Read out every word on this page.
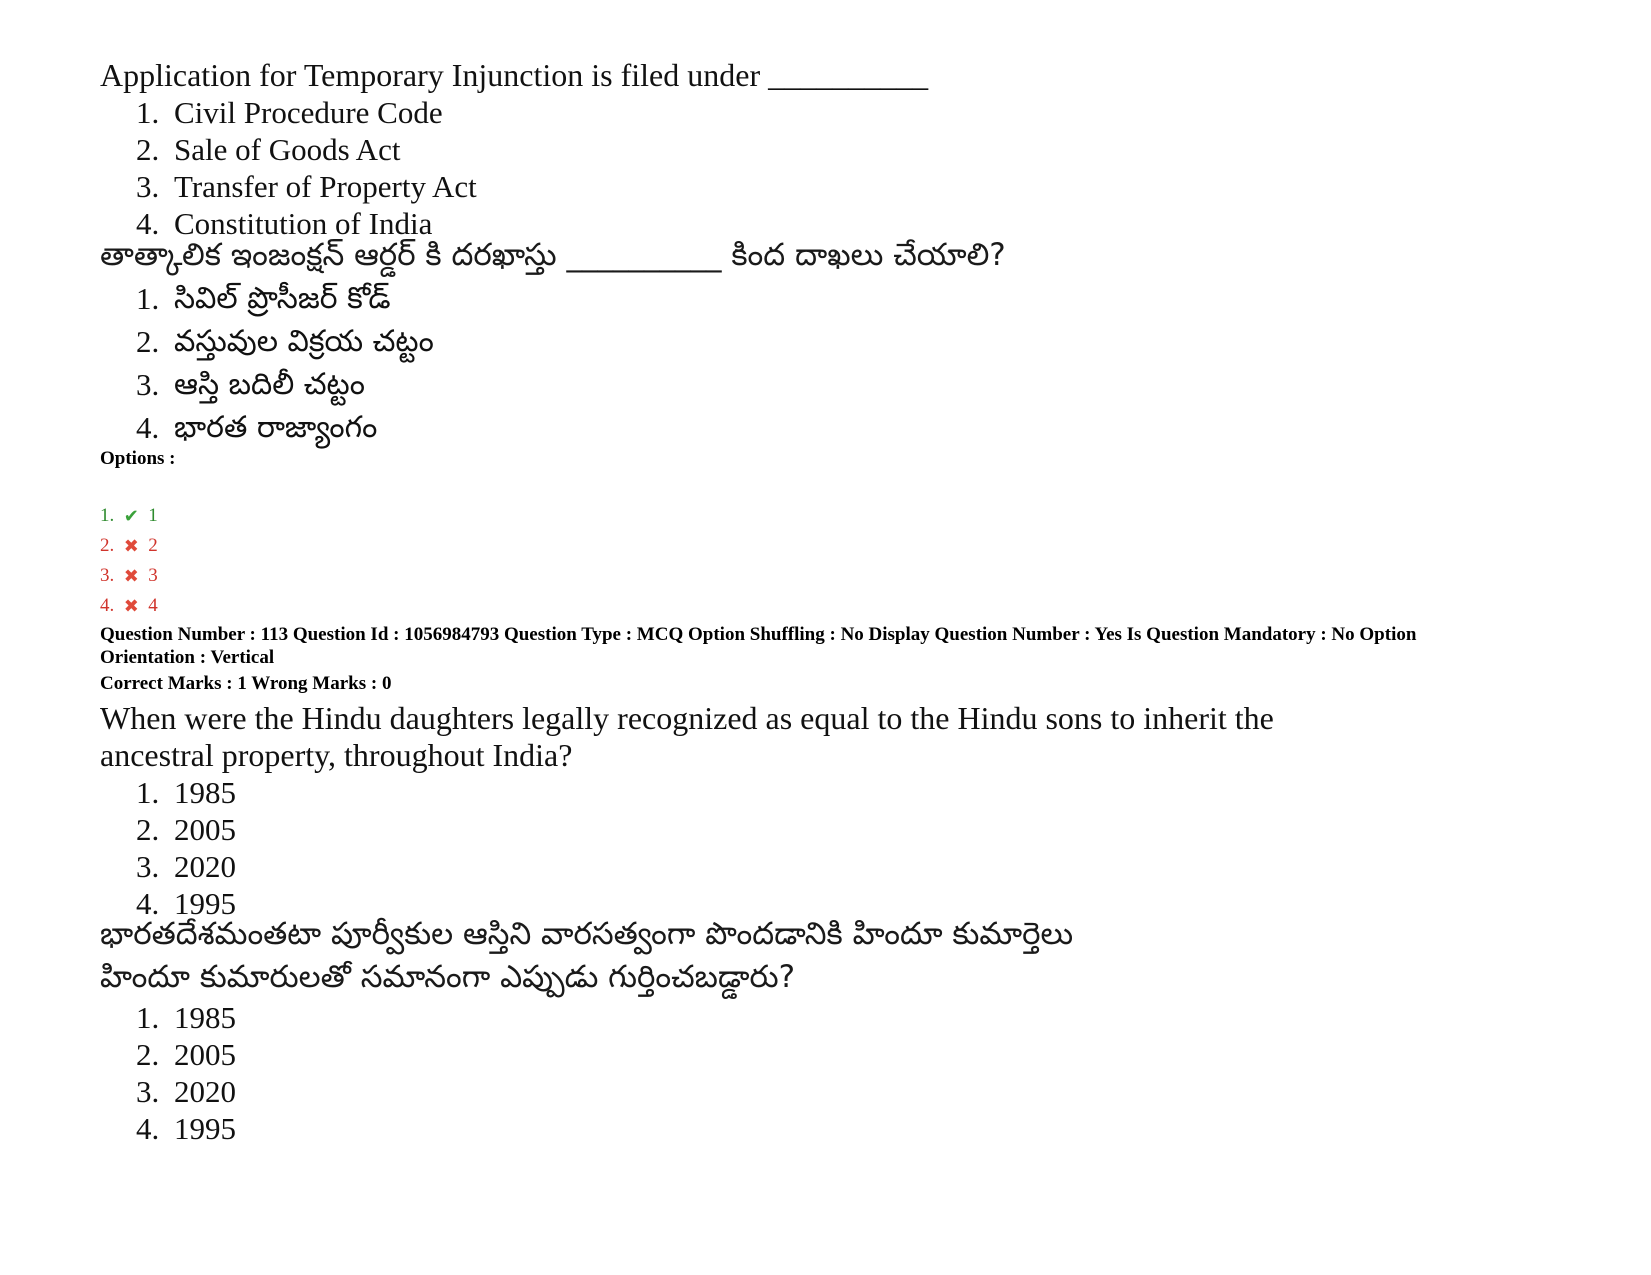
Application for Temporary Injunction is filed under __________

1. Civil Procedure Code
2. Sale of Goods Act
3. Transfer of Property Act
4. Constitution of India

తాత్కాలిక ఇంజంక్షన్ ఆర్డర్ కి దరఖాస్తు __________ కింద దాఖలు చేయాలి?

1. సివిల్ ప్రొసీజర్ కోడ్
2. వస్తువుల విక్రయ చట్టం
3. ఆస్తి బదిలీ చట్టం
4. భారత రాజ్యాంగం
Options :
1. ✔ 1
2. ✖ 2
3. ✖ 3
4. ✖ 4
Question Number : 113 Question Id : 1056984793 Question Type : MCQ Option Shuffling : No Display Question Number : Yes Is Question Mandatory : No Option
Orientation : Vertical
Correct Marks : 1 Wrong Marks : 0

When were the Hindu daughters legally recognized as equal to the Hindu sons to inherit the

ancestral property, throughout India?

1. 1985
2. 2005
3. 2020
4. 1995

భారతదేశమంతటా పూర్వీకుల ఆస్తిని వారసత్వంగా పొందడానికి హిందూ కుమార్తెలు

హిందూ కుమారులతో సమానంగా ఎప్పుడు గుర్తించబడ్డారు?

1. 1985
2. 2005
3. 2020
4. 1995
